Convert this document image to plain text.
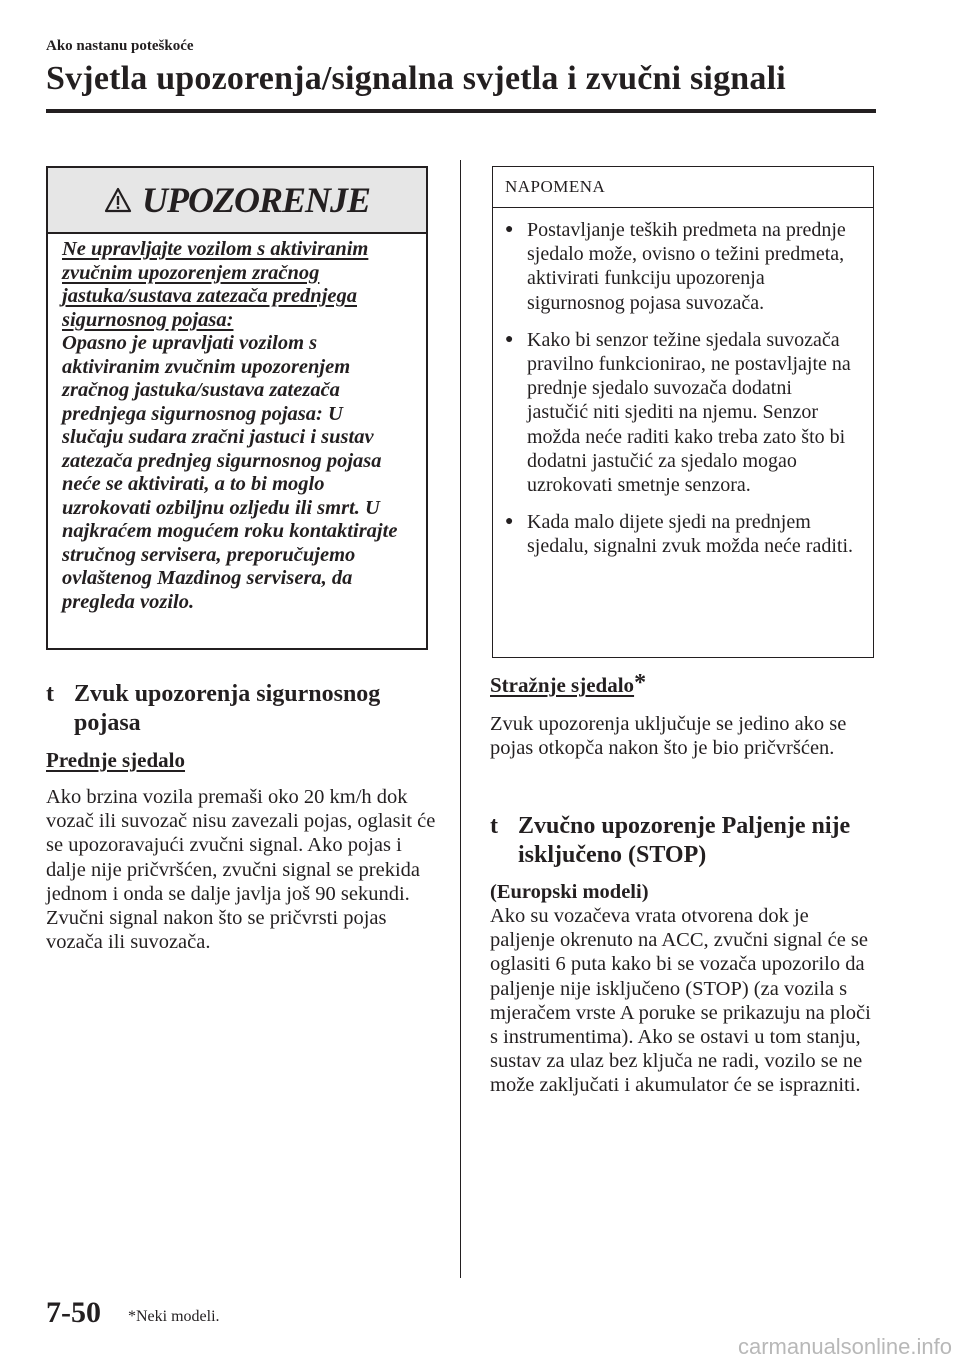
Ako nastanu poteškoće

Svjetla upozorenja/signalna svjetla i zvučni signali
UPOZORENJE

Ne upravljajte vozilom s aktiviranim zvučnim upozorenjem zračnog jastuka/sustava zatezača prednjega sigurnosnog pojasa:

Opasno je upravljati vozilom s aktiviranim zvučnim upozorenjem zračnog jastuka/sustava zatezača prednjega sigurnosnog pojasa: U slučaju sudara zračni jastuci i sustav zatezača prednjeg sigurnosnog pojasa neće se aktivirati, a to bi moglo uzrokovati ozbiljnu ozljedu ili smrt. U najkraćem mogućem roku kontaktirajte stručnog servisera, preporučujemo ovlaštenog Mazdinog servisera, da pregleda vozilo.

t Zvuk upozorenja sigurnosnog pojasa

Prednje sjedalo

Ako brzina vozila premaši oko 20 km/h dok vozač ili suvozač nisu zavezali pojas, oglasit će se upozoravajući zvučni signal. Ako pojas i dalje nije pričvršćen, zvučni signal se prekida jednom i onda se dalje javlja još 90 sekundi. Zvučni signal nakon što se pričvrsti pojas vozača ili suvozača.

NAPOMENA
● Postavljanje teških predmeta na prednje sjedalo može, ovisno o težini predmeta, aktivirati funkciju upozorenja sigurnosnog pojasa suvozača.
● Kako bi senzor težine sjedala suvozača pravilno funkcionirao, ne postavljajte na prednje sjedalo suvozača dodatni jastučić niti sjediti na njemu. Senzor možda neće raditi kako treba zato što bi dodatni jastučić za sjedalo mogao uzrokovati smetnje senzora.
● Kada malo dijete sjedi na prednjem sjedalu, signalni zvuk možda neće raditi.

Stražnje sjedalo*

Zvuk upozorenja uključuje se jedino ako se pojas otkopča nakon što je bio pričvršćen.

t Zvučno upozorenje Paljenje nije isključeno (STOP)

(Europski modeli)

Ako su vozačeva vrata otvorena dok je paljenje okrenuto na ACC, zvučni signal će se oglasiti 6 puta kako bi se vozača upozorilo da paljenje nije isključeno (STOP) (za vozila s mjeračem vrste A poruke se prikazuju na ploči s instrumentima). Ako se ostavi u tom stanju, sustav za ulaz bez ključa ne radi, vozilo se ne može zaključati i akumulator će se isprazniti.

7-50 *Neki modeli.

carmanualsonline.info
